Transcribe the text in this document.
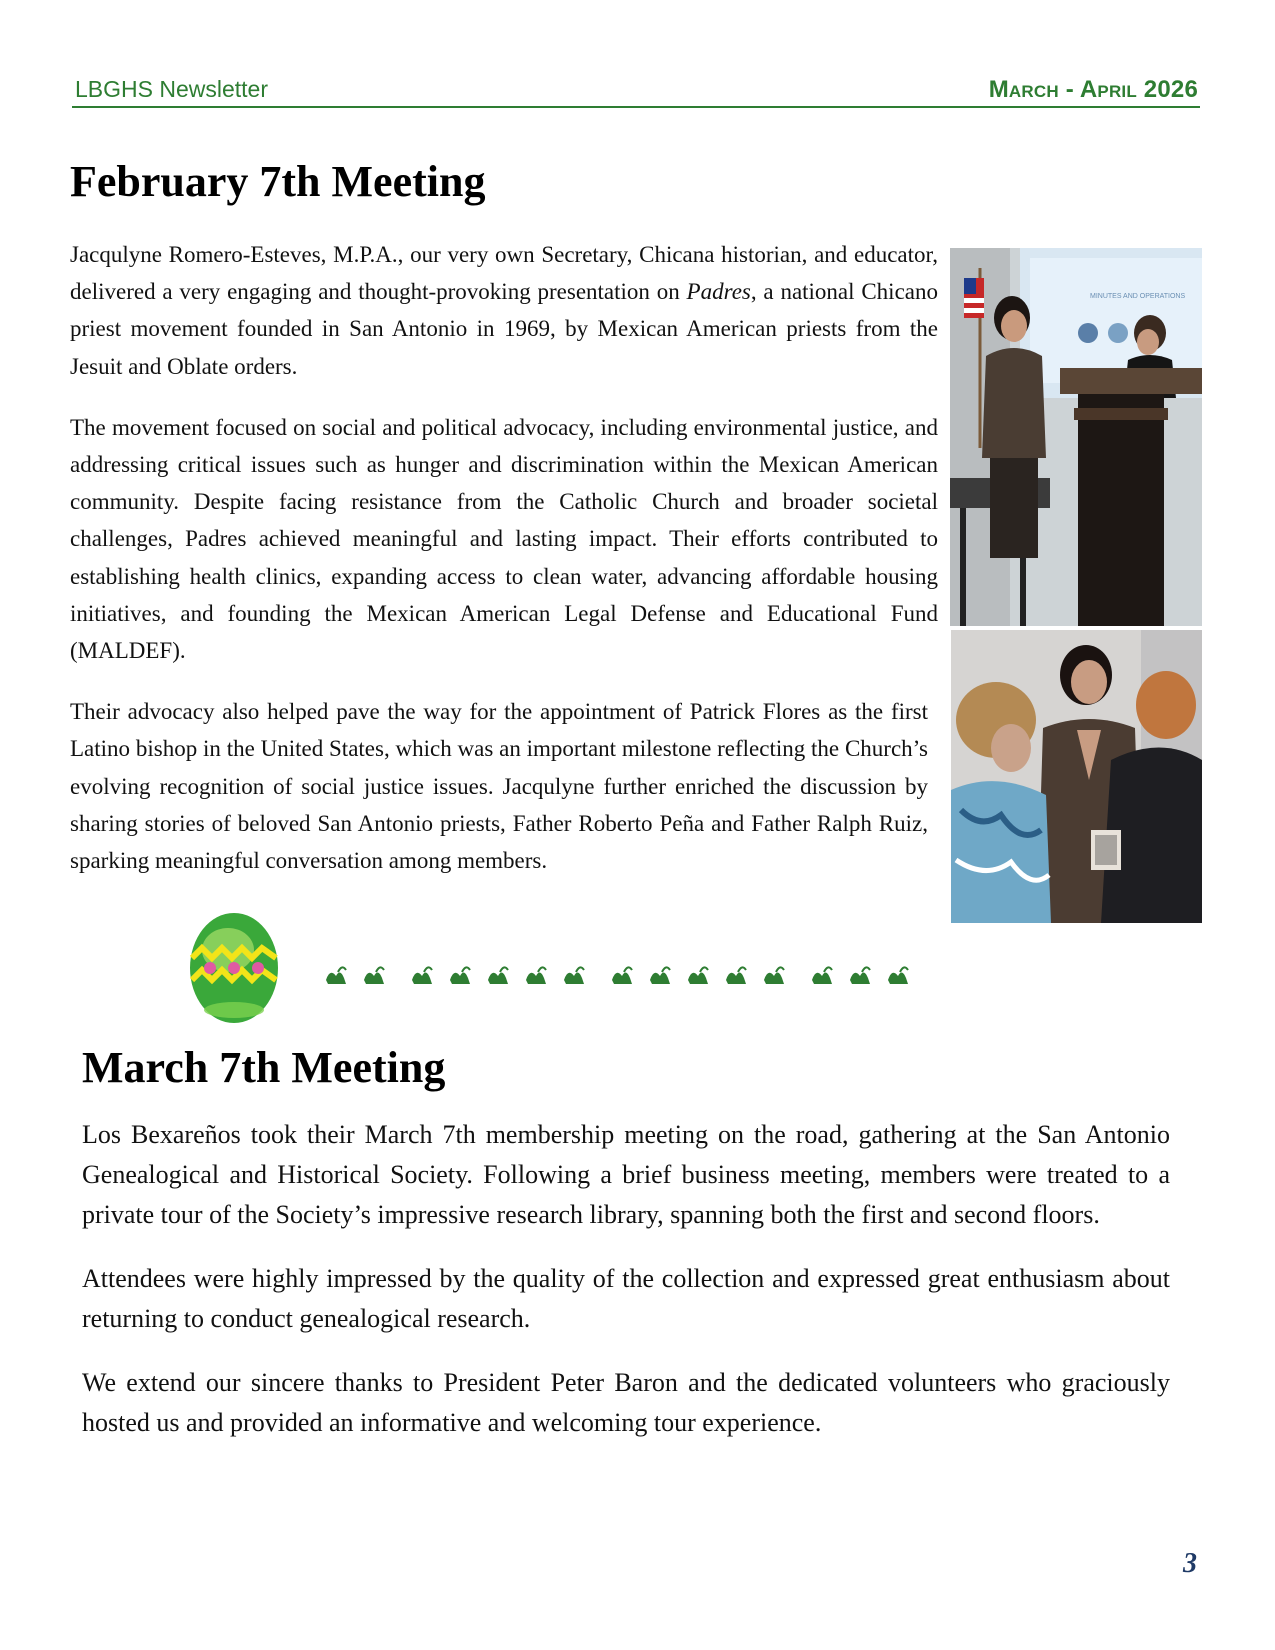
LBGHS Newsletter	March - April 2026
February 7th Meeting

Jacqulyne Romero-Esteves, M.P.A., our very own Secretary, Chicana historian, and educator, delivered a very engaging and thought-provoking presentation on Padres, a national Chicano priest movement founded in San Antonio in 1969, by Mexican American priests from the Jesuit and Oblate orders.

The movement focused on social and political advocacy, including environmental justice, and addressing critical issues such as hunger and discrimination within the Mexican American community. Despite facing resistance from the Catholic Church and broader societal challenges, Padres achieved meaningful and lasting impact. Their efforts contributed to establishing health clinics, expanding access to clean water, advancing affordable housing initiatives, and founding the Mexican American Legal Defense and Educational Fund (MALDEF).

Their advocacy also helped pave the way for the appointment of Patrick Flores as the first Latino bishop in the United States, which was an important milestone reflecting the Church’s evolving recognition of social justice issues. Jacqulyne further enriched the discussion by sharing stories of beloved San Antonio priests, Father Roberto Peña and Father Ralph Ruiz, sparking meaningful conversation among members.

MINUTES AND OPERATIONS
March 7th Meeting

Los Bexareños took their March 7th membership meeting on the road, gathering at the San Antonio Genealogical and Historical Society. Following a brief business meeting, members were treated to a private tour of the Society’s impressive research library, spanning both the first and second floors.

Attendees were highly impressed by the quality of the collection and expressed great enthusiasm about returning to conduct genealogical research.

We extend our sincere thanks to President Peter Baron and the dedicated volunteers who graciously hosted us and provided an informative and welcoming tour experience.

3
